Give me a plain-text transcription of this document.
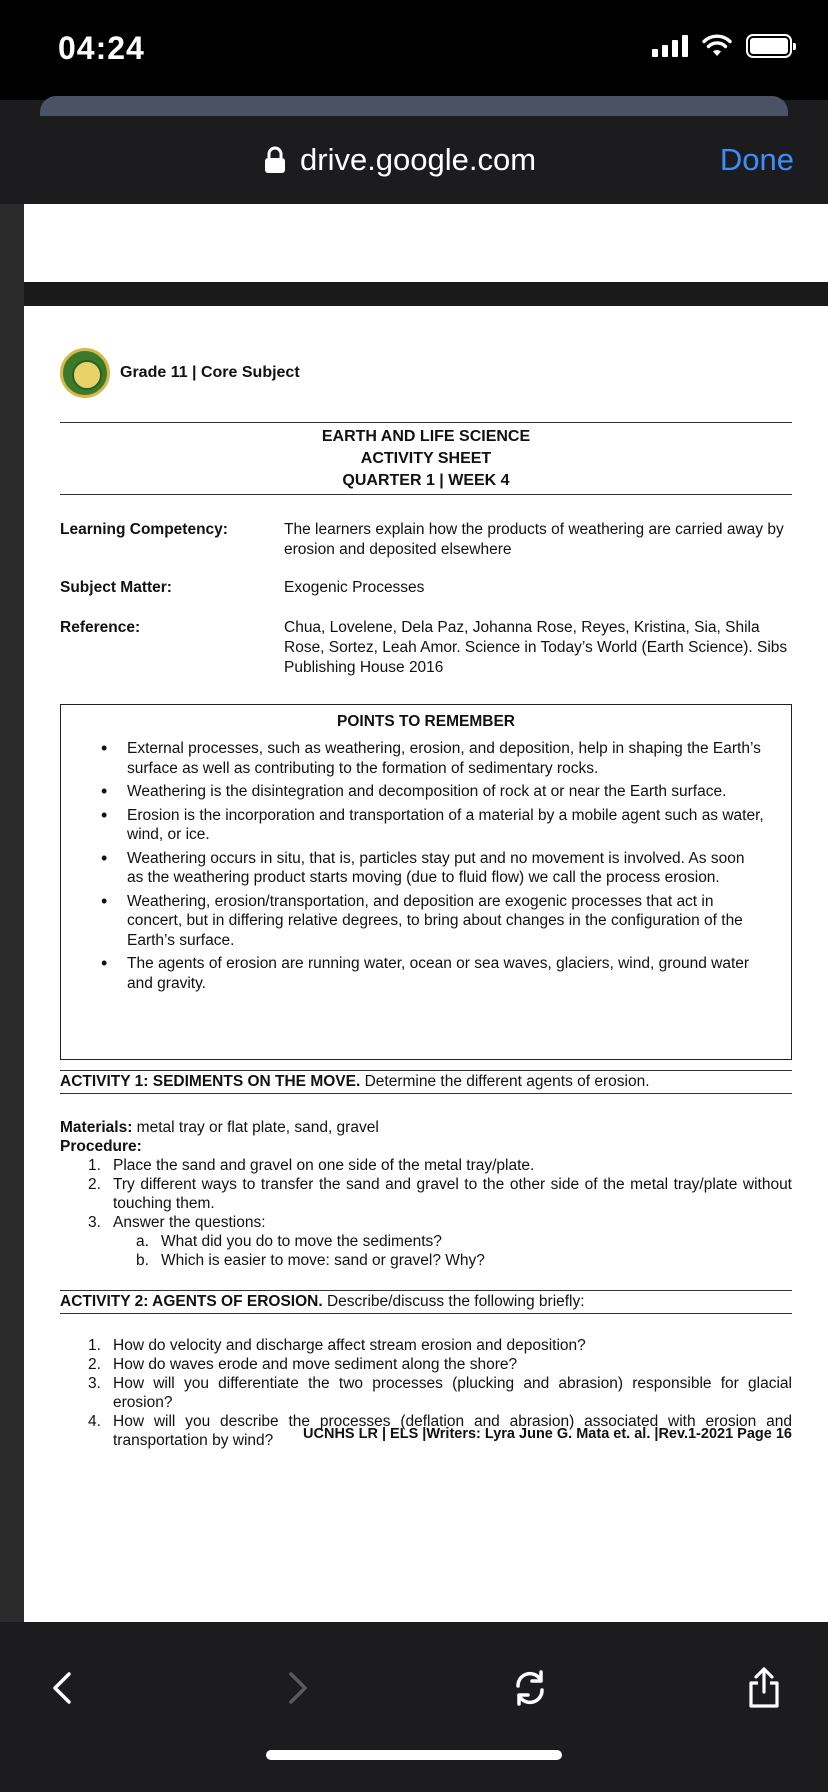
04:24
drive.google.com	Done
Grade 11 | Core Subject
EARTH AND LIFE SCIENCE
ACTIVITY SHEET
QUARTER 1 | WEEK 4
Learning Competency:	The learners explain how the products of weathering are carried away by erosion and deposited elsewhere
Subject Matter:	Exogenic Processes
Reference:	Chua, Lovelene, Dela Paz, Johanna Rose, Reyes, Kristina, Sia, Shila Rose, Sortez, Leah Amor. Science in Today’s World (Earth Science). Sibs Publishing House 2016
POINTS TO REMEMBER
• External processes, such as weathering, erosion, and deposition, help in shaping the Earth’s surface as well as contributing to the formation of sedimentary rocks.
• Weathering is the disintegration and decomposition of rock at or near the Earth surface.
• Erosion is the incorporation and transportation of a material by a mobile agent such as water, wind, or ice.
• Weathering occurs in situ, that is, particles stay put and no movement is involved. As soon as the weathering product starts moving (due to fluid flow) we call the process erosion.
• Weathering, erosion/transportation, and deposition are exogenic processes that act in concert, but in differing relative degrees, to bring about changes in the configuration of the Earth’s surface.
• The agents of erosion are running water, ocean or sea waves, glaciers, wind, ground water and gravity.
ACTIVITY 1: SEDIMENTS ON THE MOVE. Determine the different agents of erosion.
Materials: metal tray or flat plate, sand, gravel
Procedure:
1. Place the sand and gravel on one side of the metal tray/plate.
2. Try different ways to transfer the sand and gravel to the other side of the metal tray/plate without touching them.
3. Answer the questions:
a. What did you do to move the sediments?
b. Which is easier to move: sand or gravel? Why?
ACTIVITY 2: AGENTS OF EROSION. Describe/discuss the following briefly:
1. How do velocity and discharge affect stream erosion and deposition?
2. How do waves erode and move sediment along the shore?
3. How will you differentiate the two processes (plucking and abrasion) responsible for glacial erosion?
4. How will you describe the processes (deflation and abrasion) associated with erosion and transportation by wind?	UCNHS LR | ELS |Writers: Lyra June G. Mata et. al. |Rev.1-2021 Page 16
